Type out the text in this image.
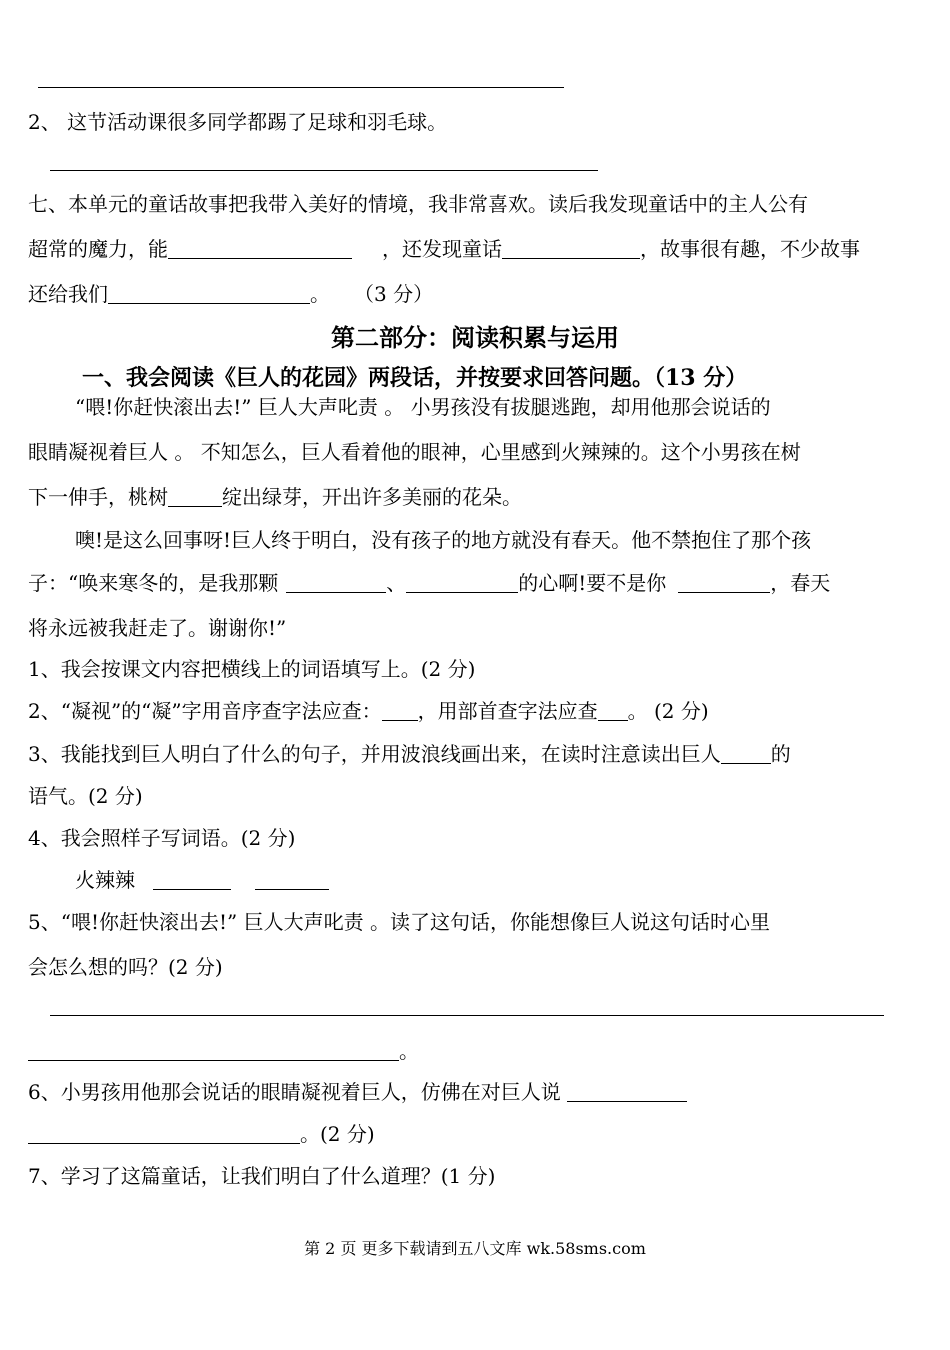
2、 这节活动课很多同学都踢了足球和羽毛球。
七、本单元的童话故事把我带入美好的情境，我非常喜欢。读后我发现童话中的主人公有
超常的魔力，能	，还发现童话	，故事很有趣，不少故事
还给我们	。 （3 分）
第二部分：阅读积累与运用
一、我会阅读《巨人的花园》两段话，并按要求回答问题。（13 分）
“喂!你赶快滚出去!” 巨人大声叱责 。 小男孩没有拔腿逃跑，却用他那会说话的
眼睛凝视着巨人 。 不知怎么，巨人看着他的眼神，心里感到火辣辣的。这个小男孩在树
下一伸手，桃树	绽出绿芽，开出许多美丽的花朵。
噢!是这么回事呀!巨人终于明白，没有孩子的地方就没有春天。他不禁抱住了那个孩
子：“唤来寒冬的，是我那颗	、	的心啊!要不是你	，春天
将永远被我赶走了。谢谢你!”
1、我会按课文内容把横线上的词语填写上。(2 分)
2、“凝视”的“凝”字用音序查字法应查： ，用部首查字法应查 。 (2 分)
3、我能找到巨人明白了什么的句子，并用波浪线画出来，在读时注意读出巨人	的
语气。(2 分)
4、我会照样子写词语。(2 分)
火辣辣
5、“喂!你赶快滚出去!” 巨人大声叱责 。读了这句话，你能想像巨人说这句话时心里
会怎么想的吗？(2 分)
。
6、小男孩用他那会说话的眼睛凝视着巨人，仿佛在对巨人说
。(2 分)
7、学习了这篇童话，让我们明白了什么道理？(1 分)
第 2 页 更多下载请到五八文库 wk.58sms.com
